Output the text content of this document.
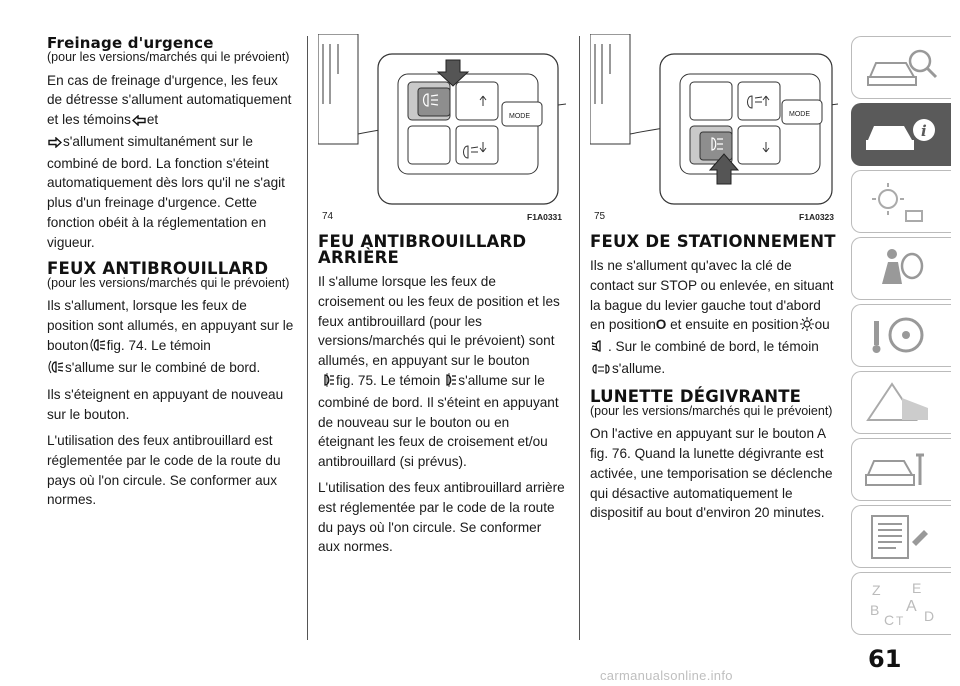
Freinage d'urgence
(pour les versions/marchés qui le prévoient)

En cas de freinage d'urgence, les feux de détresse s'allument automatiquement et les témoins et
s'allument simultanément sur le combiné de bord. La fonction s'éteint automatiquement dès lors qu'il ne s'agit plus d'un freinage d'urgence. Cette fonction obéit à la réglementation en vigueur.

FEUX ANTIBROUILLARD
(pour les versions/marchés qui le prévoient)

Ils s'allument, lorsque les feux de position sont allumés, en appuyant sur le bouton fig. 74. Le témoin
s'allume sur le combiné de bord.

Ils s'éteignent en appuyant de nouveau sur le bouton.

L'utilisation des feux antibrouillard est réglementée par le code de la route du pays où l'on circule. Se conformer aux normes.

MODE
74	F1A0331
FEU ANTIBROUILLARD ARRIÈRE

Il s'allume lorsque les feux de croisement ou les feux de position et les feux antibrouillard (pour les versions/marchés qui le prévoient) sont allumés, en appuyant sur le bouton
fig. 75. Le témoin s'allume sur le combiné de bord. Il s'éteint en appuyant de nouveau sur le bouton ou en éteignant les feux de croisement et/ou antibrouillard (si prévus).

L'utilisation des feux antibrouillard arrière est réglementée par le code de la route du pays où l'on circule. Se conformer aux normes.

MODE
75	F1A0323
FEUX DE STATIONNEMENT

Ils ne s'allument qu'avec la clé de contact sur STOP ou enlevée, en situant la bague du levier gauche tout d'abord en positionO et ensuite en position ou. Sur le combiné de bord, le témoin s'allume.

LUNETTE DÉGIVRANTE
(pour les versions/marchés qui le prévoient)

On l'active en appuyant sur le bouton A fig. 76. Quand la lunette dégivrante est activée, une temporisation se déclenche qui désactive automatiquement le dispositif au bout d'environ 20 minutes.

i
Z E
B A
C T D
61
carmanualsonline.info
